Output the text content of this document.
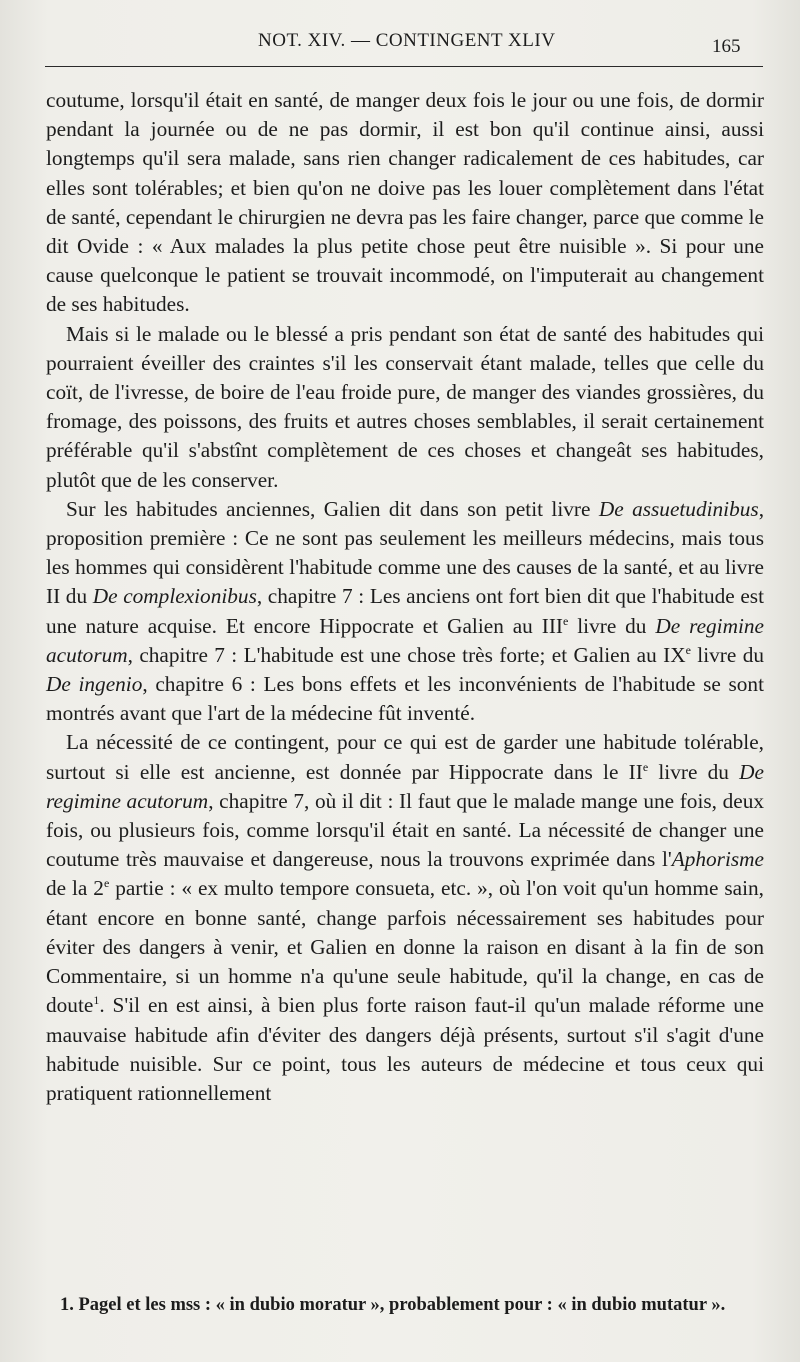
NOT. XIV. — CONTINGENT XLIV	165

coutume, lorsqu'il était en santé, de manger deux fois le jour ou une fois, de dormir pendant la journée ou de ne pas dormir, il est bon qu'il continue ainsi, aussi longtemps qu'il sera malade, sans rien changer radicalement de ces habitudes, car elles sont tolérables; et bien qu'on ne doive pas les louer complètement dans l'état de santé, cependant le chirurgien ne devra pas les faire changer, parce que comme le dit Ovide : « Aux malades la plus petite chose peut être nuisible ». Si pour une cause quelconque le patient se trouvait incommodé, on l'imputerait au changement de ses habitudes.

Mais si le malade ou le blessé a pris pendant son état de santé des habitudes qui pourraient éveiller des craintes s'il les conservait étant malade, telles que celle du coït, de l'ivresse, de boire de l'eau froide pure, de manger des viandes grossières, du fromage, des poissons, des fruits et autres choses semblables, il serait certainement préférable qu'il s'abstînt complètement de ces choses et changeât ses habitudes, plutôt que de les conserver.

Sur les habitudes anciennes, Galien dit dans son petit livre De assuetudinibus, proposition première : Ce ne sont pas seulement les meilleurs médecins, mais tous les hommes qui considèrent l'habitude comme une des causes de la santé, et au livre II du De complexionibus, chapitre 7 : Les anciens ont fort bien dit que l'habitude est une nature acquise. Et encore Hippocrate et Galien au IIIe livre du De regimine acutorum, chapitre 7 : L'habitude est une chose très forte; et Galien au IXe livre du De ingenio, chapitre 6 : Les bons effets et les inconvénients de l'habitude se sont montrés avant que l'art de la médecine fût inventé.

La nécessité de ce contingent, pour ce qui est de garder une habitude tolérable, surtout si elle est ancienne, est donnée par Hippocrate dans le IIe livre du De regimine acutorum, chapitre 7, où il dit : Il faut que le malade mange une fois, deux fois, ou plusieurs fois, comme lorsqu'il était en santé. La nécessité de changer une coutume très mauvaise et dangereuse, nous la trouvons exprimée dans l'Aphorisme de la 2e partie : « ex multo tempore consueta, etc. », où l'on voit qu'un homme sain, étant encore en bonne santé, change parfois nécessairement ses habitudes pour éviter des dangers à venir, et Galien en donne la raison en disant à la fin de son Commentaire, si un homme n'a qu'une seule habitude, qu'il la change, en cas de doute$^1$. S'il en est ainsi, à bien plus forte raison faut-il qu'un malade réforme une mauvaise habitude afin d'éviter des dangers déjà présents, surtout s'il s'agit d'une habitude nuisible. Sur ce point, tous les auteurs de médecine et tous ceux qui pratiquent rationnellement

1. Pagel et les mss : « in dubio moratur », probablement pour : « in dubio mutatur ».
